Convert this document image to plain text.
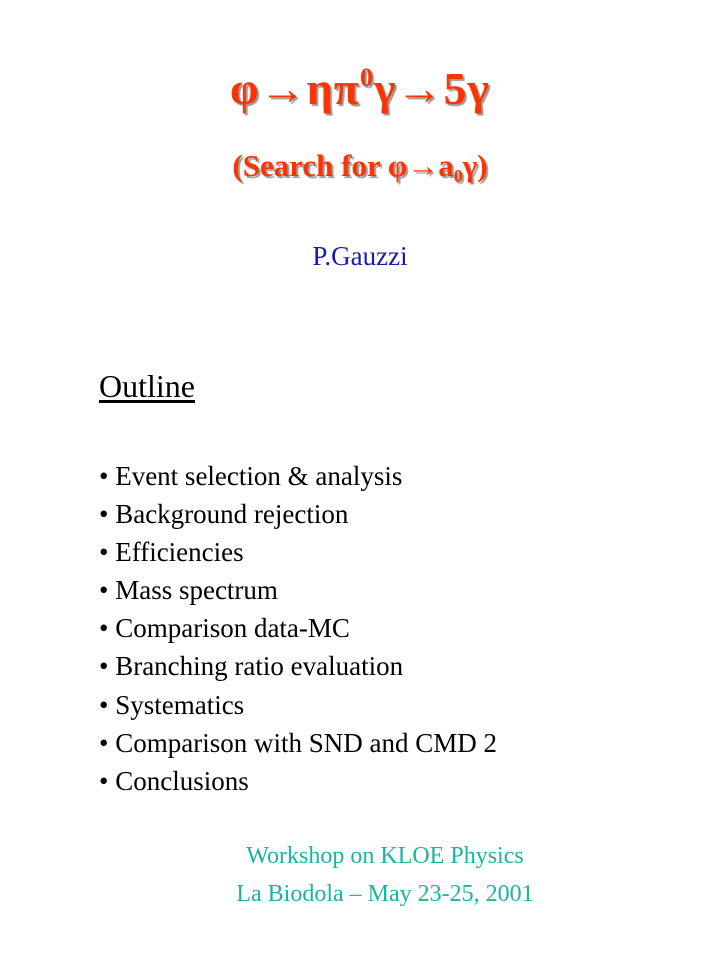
$\varphi\to\eta\pi^0\gamma\to 5\gamma$
(Search for $\varphi\to a_0\gamma$)
P.Gauzzi
Outline
• Event selection & analysis
• Background rejection
• Efficiencies
• Mass spectrum
• Comparison data-MC
• Branching ratio evaluation
• Systematics
• Comparison with SND and CMD 2
• Conclusions
Workshop on KLOE Physics
La Biodola – May 23-25, 2001
